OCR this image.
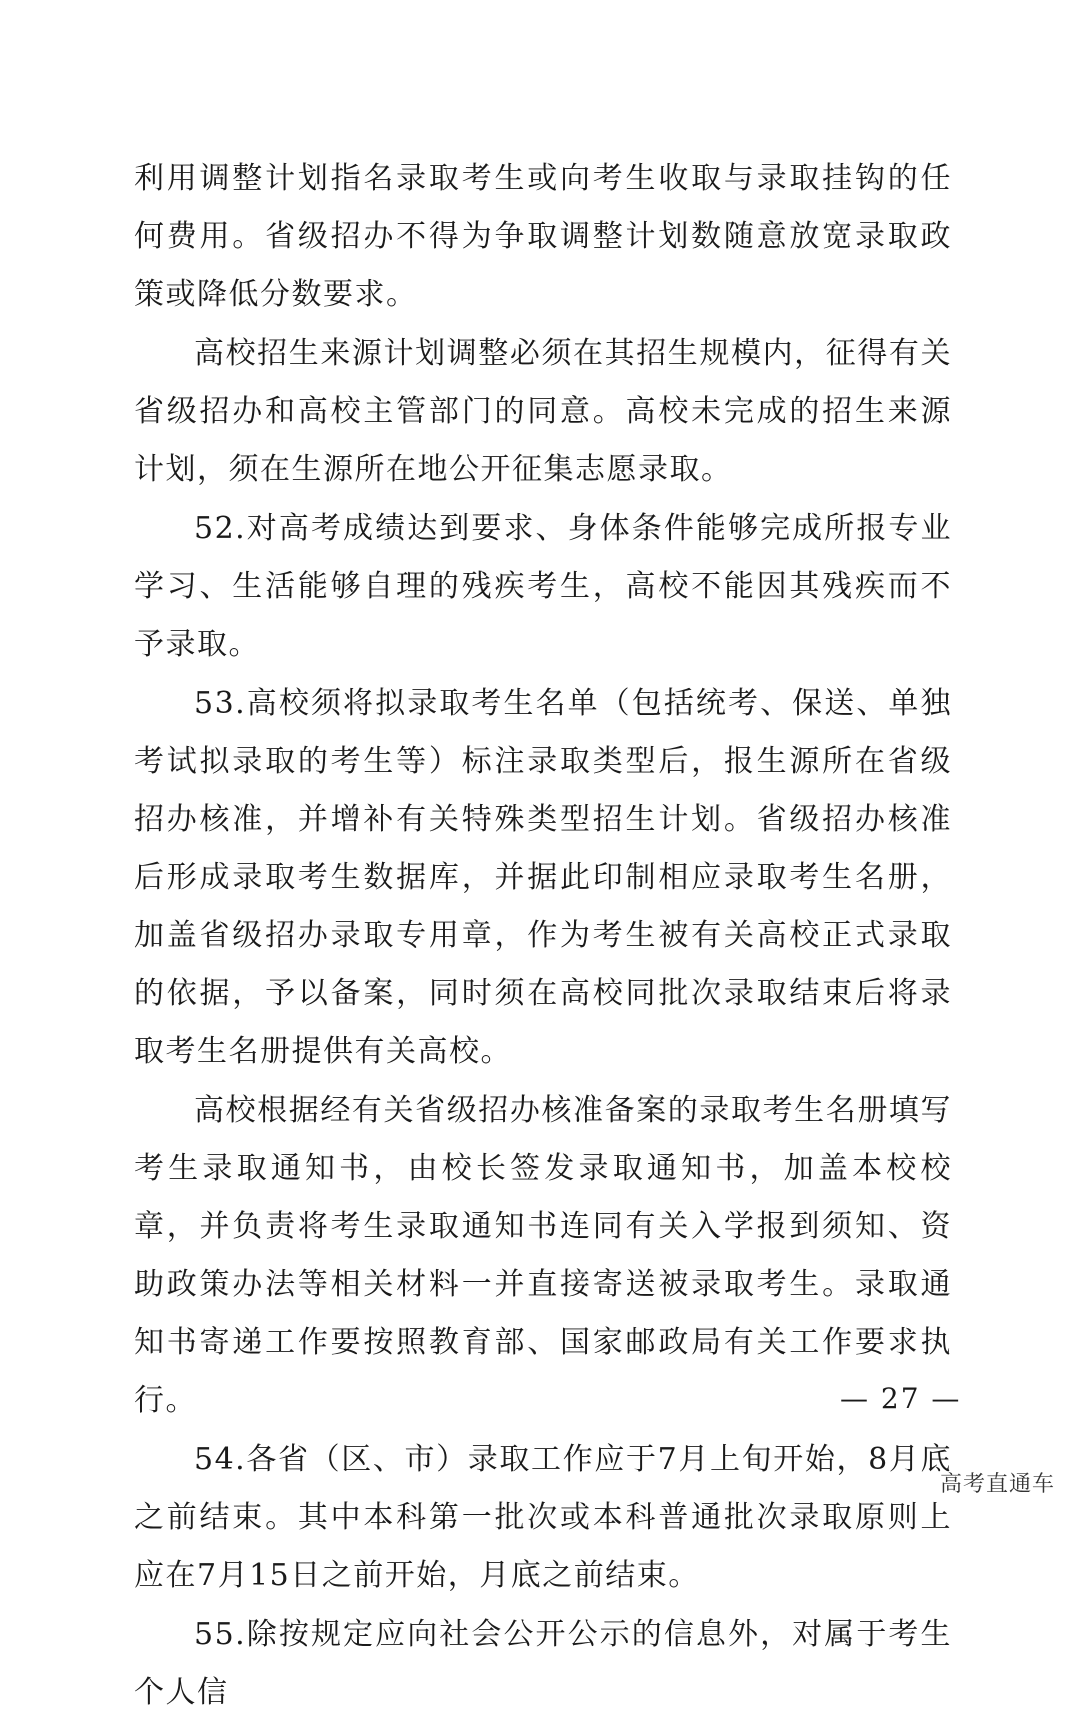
利用调整计划指名录取考生或向考生收取与录取挂钩的任何费用。省级招办不得为争取调整计划数随意放宽录取政策或降低分数要求。

高校招生来源计划调整必须在其招生规模内，征得有关省级招办和高校主管部门的同意。高校未完成的招生来源计划，须在生源所在地公开征集志愿录取。

52.对高考成绩达到要求、身体条件能够完成所报专业学习、生活能够自理的残疾考生，高校不能因其残疾而不予录取。

53.高校须将拟录取考生名单（包括统考、保送、单独考试拟录取的考生等）标注录取类型后，报生源所在省级招办核准，并增补有关特殊类型招生计划。省级招办核准后形成录取考生数据库，并据此印制相应录取考生名册，加盖省级招办录取专用章，作为考生被有关高校正式录取的依据，予以备案，同时须在高校同批次录取结束后将录取考生名册提供有关高校。

高校根据经有关省级招办核准备案的录取考生名册填写考生录取通知书，由校长签发录取通知书，加盖本校校章，并负责将考生录取通知书连同有关入学报到须知、资助政策办法等相关材料一并直接寄送被录取考生。录取通知书寄递工作要按照教育部、国家邮政局有关工作要求执行。

54.各省（区、市）录取工作应于7月上旬开始，8月底之前结束。其中本科第一批次或本科普通批次录取原则上应在7月15日之前开始，月底之前结束。

55.除按规定应向社会公开公示的信息外，对属于考生个人信

— 27 —
高考直通车
